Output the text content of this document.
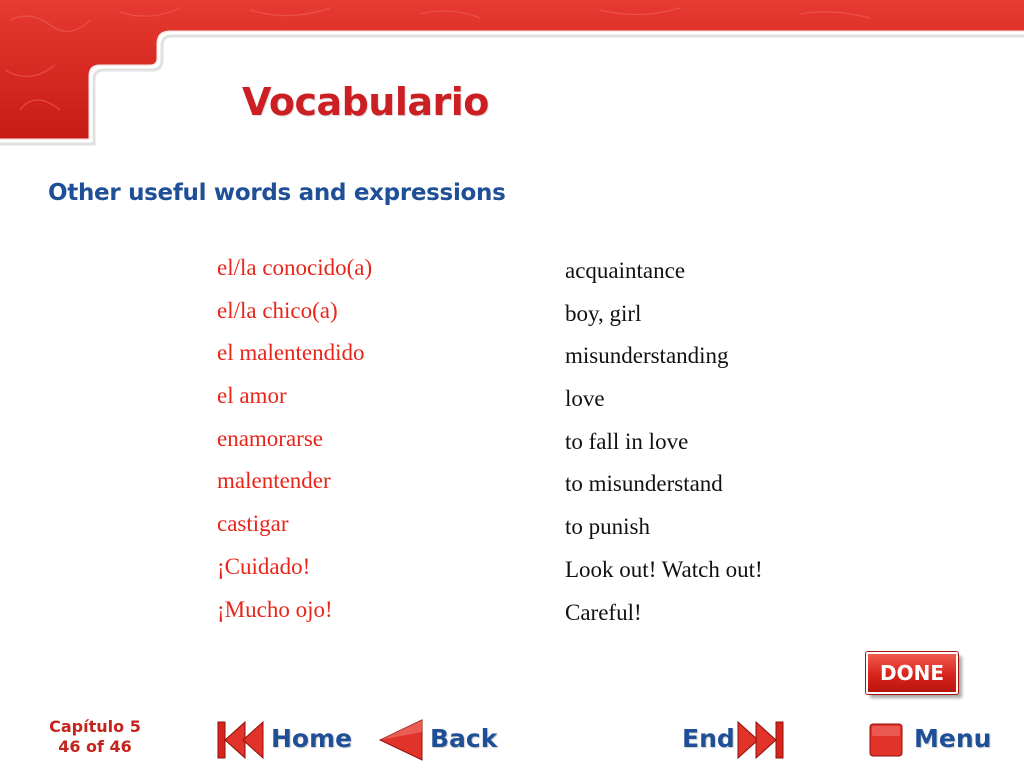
Vocabulario
Other useful words and expressions
el/la conocido(a)	acquaintance
el/la chico(a)	boy, girl
el malentendido	misunderstanding
el amor	love
enamorarse	to fall in love
malentender	to misunderstand
castigar	to punish
¡Cuidado!	Look out! Watch out!
¡Mucho ojo!	Careful!
DONE
Capítulo 5
46 of 46	Home	Back	End	Menu
